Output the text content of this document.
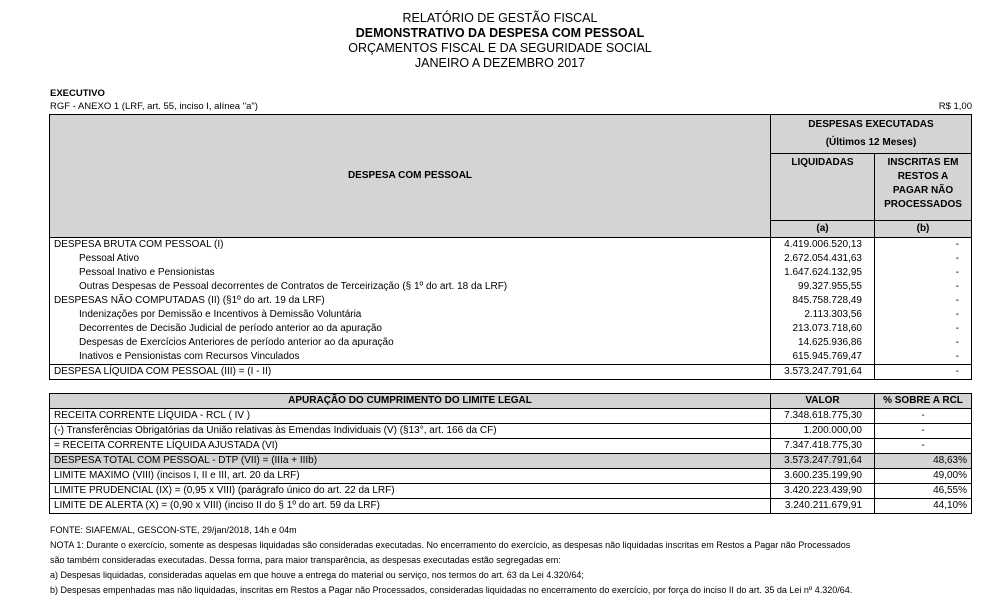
RELATÓRIO DE GESTÃO FISCAL
DEMONSTRATIVO DA DESPESA COM PESSOAL
ORÇAMENTOS FISCAL E DA SEGURIDADE SOCIAL
JANEIRO A DEZEMBRO 2017
EXECUTIVO
RGF - ANEXO 1 (LRF, art. 55, inciso I, alínea "a")	R$ 1,00
DESPESA COM PESSOAL	DESPESAS EXECUTADAS
(Últimos 12 Meses)	
	LIQUIDADAS	INSCRITAS EM RESTOS A PAGAR NÃO PROCESSADOS
	(a)	(b)
DESPESA BRUTA COM PESSOAL (I)	4.419.006.520,13	-
Pessoal Ativo	2.672.054.431,63	-
Pessoal Inativo e Pensionistas	1.647.624.132,95	-
Outras Despesas de Pessoal decorrentes de Contratos de Terceirização (§ 1º do art. 18 da LRF)	99.327.955,55	-
DESPESAS NÃO COMPUTADAS (II) (§1º do art. 19 da LRF)	845.758.728,49	-
Indenizações por Demissão e Incentivos à Demissão Voluntária	2.113.303,56	-
Decorrentes de Decisão Judicial de período anterior ao da apuração	213.073.718,60	-
Despesas de Exercícios Anteriores de período anterior ao da apuração	14.625.936,86	-
Inativos e Pensionistas com Recursos Vinculados	615.945.769,47	-
DESPESA LÍQUIDA COM PESSOAL (III) = (I - II)	3.573.247.791,64	-
APURAÇÃO DO CUMPRIMENTO DO LIMITE LEGAL	VALOR	% SOBRE A RCL
RECEITA CORRENTE LÍQUIDA - RCL ( IV )	7.348.618.775,30	-
(-) Transferências Obrigatórias da União relativas às Emendas Individuais (V) (§13°, art. 166 da CF)	1.200.000,00	-
= RECEITA CORRENTE LÍQUIDA AJUSTADA (VI)	7.347.418.775,30	-
DESPESA TOTAL COM PESSOAL - DTP (VII) = (IIIa + IIIb)	3.573.247.791,64	48,63%
LIMITE MAXIMO (VIII) (incisos I, II e III, art. 20 da LRF)	3.600.235.199,90	49,00%
LIMITE PRUDENCIAL (IX) = (0,95 x VIII) (parágrafo único do art. 22 da LRF)	3.420.223.439,90	46,55%
LIMITE DE ALERTA (X) = (0,90 x VIII) (inciso II do § 1º do art. 59 da LRF)	3.240.211.679,91	44,10%
FONTE: SIAFEM/AL, GESCON-STE, 29/jan/2018, 14h e 04m
NOTA 1: Durante o exercício, somente as despesas liquidadas são consideradas executadas. No encerramento do exercício, as despesas não liquidadas inscritas em Restos a Pagar não Processados
são também consideradas executadas. Dessa forma, para maior transparência, as despesas executadas estão segregadas em:
a) Despesas liquidadas, consideradas aquelas em que houve a entrega do material ou serviço, nos termos do art. 63 da Lei 4.320/64;
b) Despesas empenhadas mas não liquidadas, inscritas em Restos a Pagar não Processados, consideradas liquidadas no encerramento do exercício, por força do inciso II do art. 35 da Lei nº 4.320/64.
